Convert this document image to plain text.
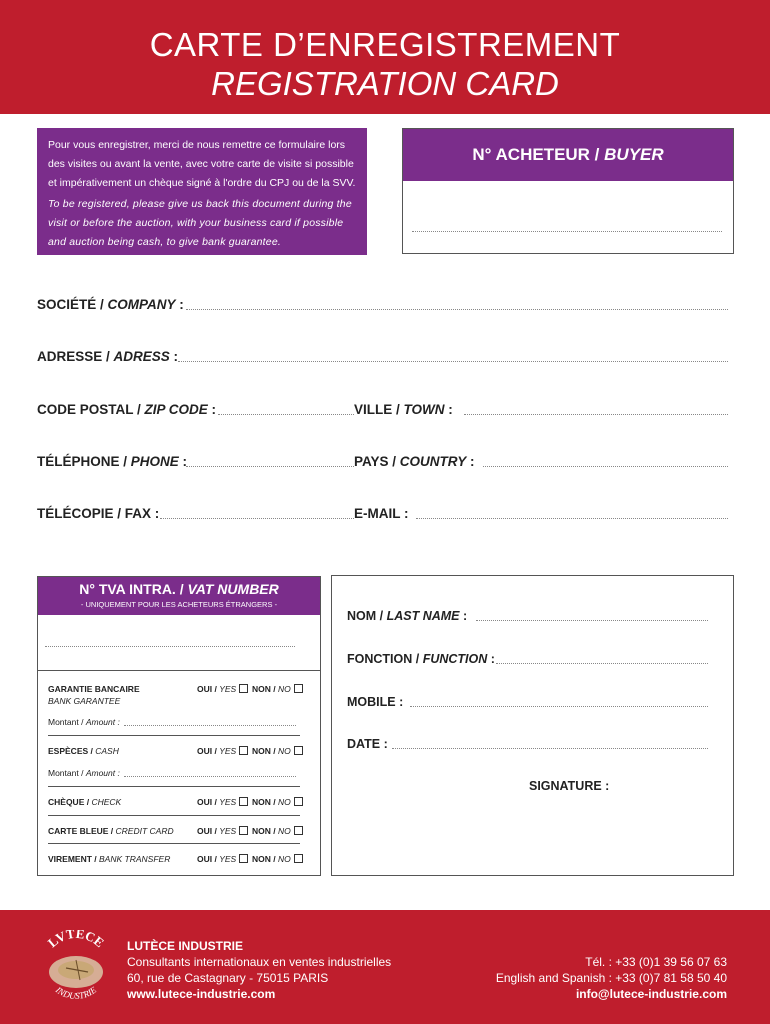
CARTE D’ENREGISTREMENT
REGISTRATION CARD

Pour vous enregistrer, merci de nous remettre ce formulaire lors des visites ou avant la vente, avec votre carte de visite si possible et impérativement un chèque signé à l'ordre du CPJ ou de la SVV.

To be registered, please give us back this document during the visit or before the auction, with your business card if possible and auction being cash, to give bank guarantee.

N° ACHETEUR / BUYER
SOCIÉTÉ / COMPANY :
ADRESSE / ADRESS :
CODE POSTAL / ZIP CODE :	VILLE / TOWN :
TÉLÉPHONE / PHONE :	PAYS / COUNTRY :
TÉLÉCOPIE / FAX :	E-MAIL :
N° TVA INTRA. / VAT NUMBER
- UNIQUEMENT POUR LES ACHETEURS ÉTRANGERS -
GARANTIE BANCAIRE
BANK GARANTEE
OUI / YES	NON / NO
Montant / Amount :
ESPÈCES / CASH	OUI / YES	NON / NO
Montant / Amount :
CHÈQUE / CHECK	OUI / YES	NON / NO
CARTE BLEUE / CREDIT CARD	OUI / YES	NON / NO
VIREMENT / BANK TRANSFER	OUI / YES	NON / NO
NOM / LAST NAME :
FONCTION / FUNCTION :
MOBILE :
DATE :
SIGNATURE :
LUTÈCE INDUSTRIE
Consultants internationaux en ventes industrielles
60, rue de Castagnary - 75015 PARIS
www.lutece-industrie.com
Tél. : +33 (0)1 39 56 07 63
English and Spanish : +33 (0)7 81 58 50 40
info@lutece-industrie.com
LVTECE
INDUSTRIE
